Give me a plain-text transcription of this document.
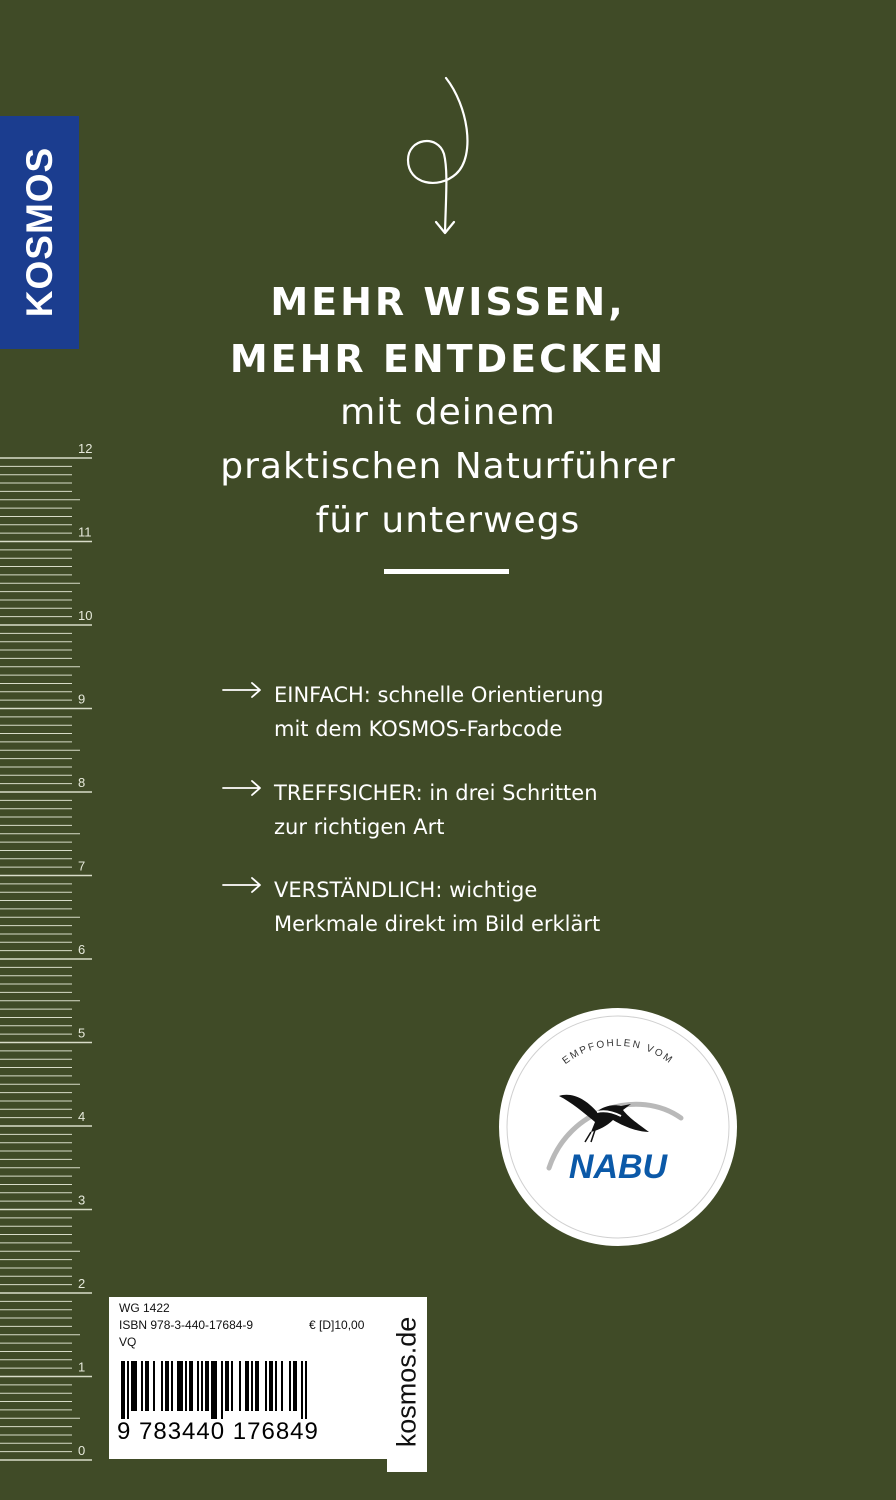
KOSMOS
12
11
10
9
8
7
6
5
4
3
2
1
0
MEHR WISSEN,
MEHR ENTDECKEN
mit deinem
praktischen Naturführer
für unterwegs
EINFACH: schnelle Orientierung
mit dem KOSMOS-Farbcode
TREFFSICHER: in drei Schritten
zur richtigen Art
VERSTÄNDLICH: wichtige
Merkmale direkt im Bild erklärt
EMPFOHLEN VOM
NABU
WG 1422
ISBN 978-3-440-17684-9	€ [D]10,00
VQ
9 783440 176849	kosmos.de
